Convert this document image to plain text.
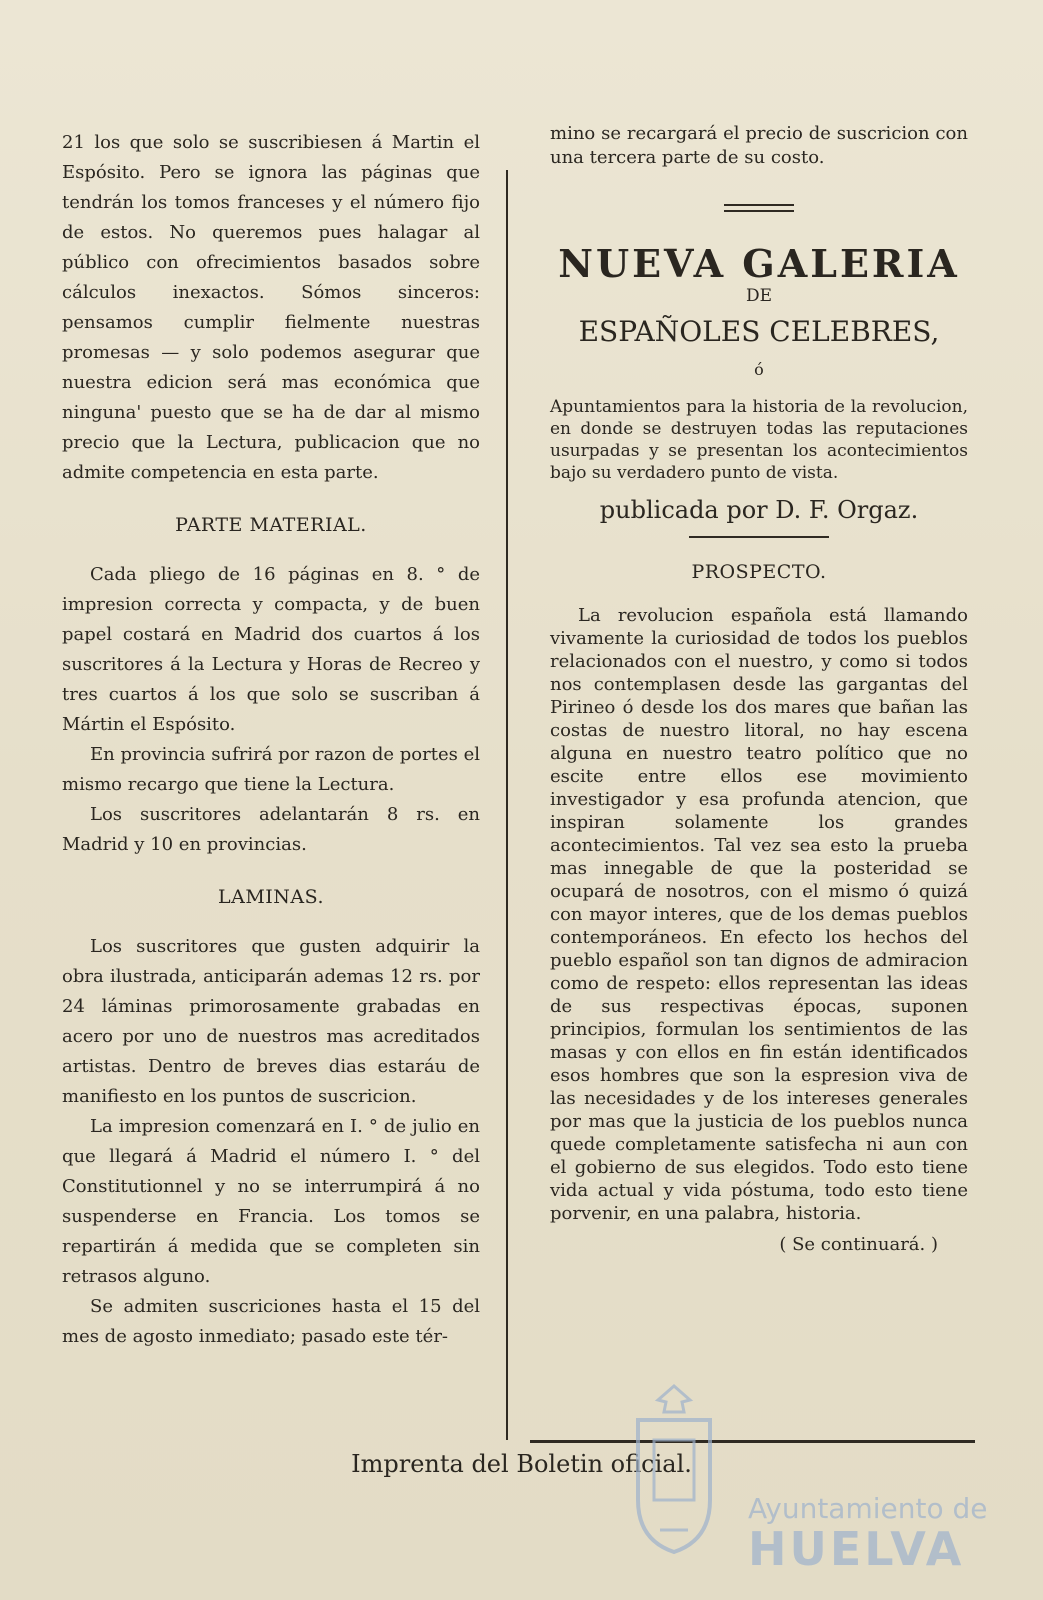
21 los que solo se suscribiesen á Martin el Espósito. Pero se ignora las páginas que tendrán los tomos franceses y el número fijo de estos. No queremos pues halagar al público con ofrecimientos basados sobre cálculos inexactos. Sómos sinceros: pensamos cumplir fielmente nuestras promesas — y solo podemos asegurar que nuestra edicion será mas económica que ninguna' puesto que se ha de dar al mismo precio que la Lectura, publicacion que no admite competencia en esta parte.

PARTE MATERIAL.

Cada pliego de 16 páginas en 8. ° de impresion correcta y compacta, y de buen papel costará en Madrid dos cuartos á los suscritores á la Lectura y Horas de Recreo y tres cuartos á los que solo se suscriban á Mártin el Espósito.

En provincia sufrirá por razon de portes el mismo recargo que tiene la Lectura.

Los suscritores adelantarán 8 rs. en Madrid y 10 en provincias.

LAMINAS.

Los suscritores que gusten adquirir la obra ilustrada, anticiparán ademas 12 rs. por 24 láminas primorosamente grabadas en acero por uno de nuestros mas acreditados artistas. Dentro de breves dias estaráu de manifiesto en los puntos de suscricion.

La impresion comenzará en I. ° de julio en que llegará á Madrid el número I. ° del Constitutionnel y no se interrumpirá á no suspenderse en Francia. Los tomos se repartirán á medida que se completen sin retrasos alguno.

Se admiten suscriciones hasta el 15 del mes de agosto inmediato; pasado este tér-

mino se recargará el precio de suscricion con una tercera parte de su costo.

NUEVA GALERIA
DE
ESPAÑOLES CELEBRES,
ó

Apuntamientos para la historia de la revolucion, en donde se destruyen todas las reputaciones usurpadas y se presentan los acontecimientos bajo su verdadero punto de vista.

publicada por D. F. Orgaz.
PROSPECTO.

La revolucion española está llamando vivamente la curiosidad de todos los pueblos relacionados con el nuestro, y como si todos nos contemplasen desde las gargantas del Pirineo ó desde los dos mares que bañan las costas de nuestro litoral, no hay escena alguna en nuestro teatro político que no escite entre ellos ese movimiento investigador y esa profunda atencion, que inspiran solamente los grandes acontecimientos. Tal vez sea esto la prueba mas innegable de que la posteridad se ocupará de nosotros, con el mismo ó quizá con mayor interes, que de los demas pueblos contemporáneos. En efecto los hechos del pueblo español son tan dignos de admiracion como de respeto: ellos representan las ideas de sus respectivas épocas, suponen principios, formulan los sentimientos de las masas y con ellos en fin están identificados esos hombres que son la espresion viva de las necesidades y de los intereses generales por mas que la justicia de los pueblos nunca quede completamente satisfecha ni aun con el gobierno de sus elegidos. Todo esto tiene vida actual y vida póstuma, todo esto tiene porvenir, en una palabra, historia.

( Se continuará. )
Imprenta del Boletin oficial.
Ayuntamiento de
HUELVA
